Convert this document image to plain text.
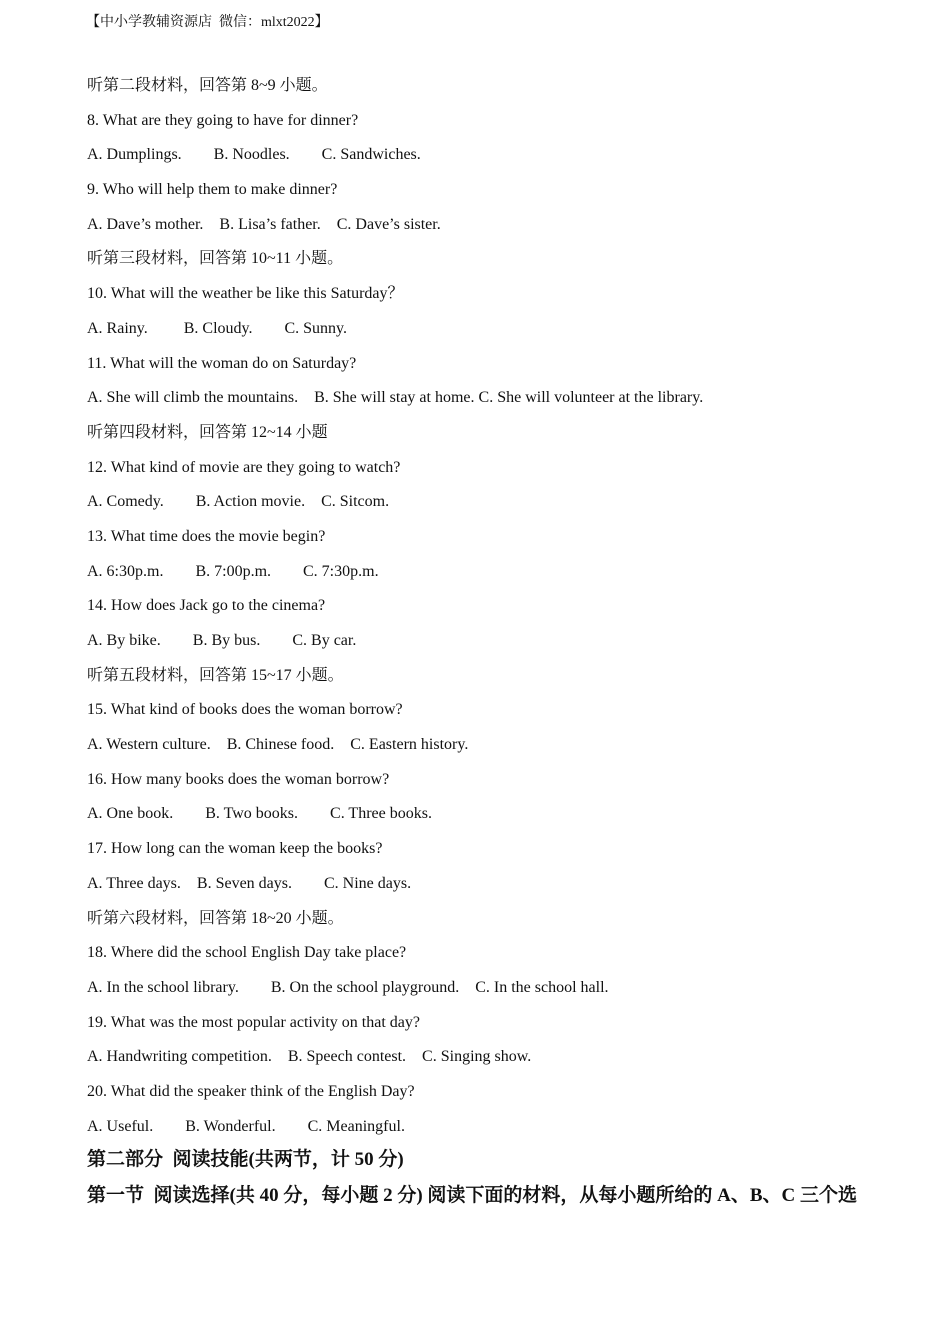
【中小学教辅资源店  微信：mlxt2022】
听第二段材料，回答第 8~9 小题。
8. What are they going to have for dinner?
A. Dumplings.        B. Noodles.        C. Sandwiches.
9. Who will help them to make dinner?
A. Dave’s mother.    B. Lisa’s father.    C. Dave’s sister.
听第三段材料，回答第 10~11 小题。
10. What will the weather be like this Saturday？
A. Rainy.         B. Cloudy.        C. Sunny.
11. What will the woman do on Saturday?
A. She will climb the mountains.    B. She will stay at home. C. She will volunteer at the library.
听第四段材料，回答第 12~14 小题
12. What kind of movie are they going to watch?
A. Comedy.        B. Action movie.    C. Sitcom.
13. What time does the movie begin?
A. 6:30p.m.        B. 7:00p.m.        C. 7:30p.m.
14. How does Jack go to the cinema?
A. By bike.        B. By bus.        C. By car.
听第五段材料，回答第 15~17 小题。
15. What kind of books does the woman borrow?
A. Western culture.    B. Chinese food.    C. Eastern history.
16. How many books does the woman borrow?
A. One book.        B. Two books.        C. Three books.
17. How long can the woman keep the books?
A. Three days.    B. Seven days.        C. Nine days.
听第六段材料，回答第 18~20 小题。
18. Where did the school English Day take place?
A. In the school library.        B. On the school playground.    C. In the school hall.
19. What was the most popular activity on that day?
A. Handwriting competition.    B. Speech contest.    C. Singing show.
20. What did the speaker think of the English Day?
A. Useful.        B. Wonderful.        C. Meaningful.
第二部分  阅读技能(共两节，计 50 分)
第一节  阅读选择(共 40 分，每小题 2 分) 阅读下面的材料，从每小题所给的 A、B、C 三个选
